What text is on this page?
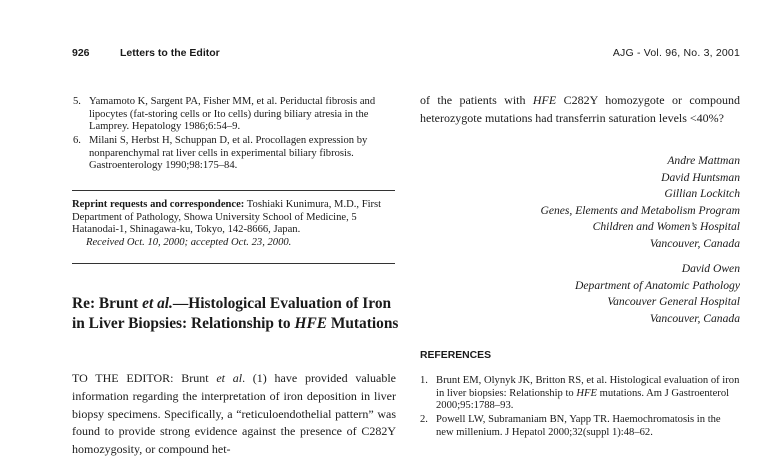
926	Letters to the Editor	AJG - Vol. 96, No. 3, 2001
5. Yamamoto K, Sargent PA, Fisher MM, et al. Periductal fibrosis and lipocytes (fat-storing cells or Ito cells) during biliary atresia in the Lamprey. Hepatology 1986;6:54–9.
6. Milani S, Herbst H, Schuppan D, et al. Procollagen expression by nonparenchymal rat liver cells in experimental biliary fibrosis. Gastroenterology 1990;98:175–84.
Reprint requests and correspondence: Toshiaki Kunimura, M.D., First Department of Pathology, Showa University School of Medicine, 5 Hatanodai-1, Shinagawa-ku, Tokyo, 142-8666, Japan.
Received Oct. 10, 2000; accepted Oct. 23, 2000.
Re: Brunt et al.—Histological Evaluation of Iron in Liver Biopsies: Relationship to HFE Mutations
TO THE EDITOR: Brunt et al. (1) have provided valuable information regarding the interpretation of iron deposition in liver biopsy specimens. Specifically, a “reticuloendothelial pattern” was found to provide strong evidence against the presence of C282Y homozygosity, or compound het-
of the patients with HFE C282Y homozygote or compound heterozygote mutations had transferrin saturation levels <40%?
Andre Mattman
David Huntsman
Gillian Lockitch
Genes, Elements and Metabolism Program
Children and Women’s Hospital
Vancouver, Canada
David Owen
Department of Anatomic Pathology
Vancouver General Hospital
Vancouver, Canada
REFERENCES
1. Brunt EM, Olynyk JK, Britton RS, et al. Histological evaluation of iron in liver biopsies: Relationship to HFE mutations. Am J Gastroenterol 2000;95:1788–93.
2. Powell LW, Subramaniam BN, Yapp TR. Haemochromatosis in the new millenium. J Hepatol 2000;32(suppl 1):48–62.
